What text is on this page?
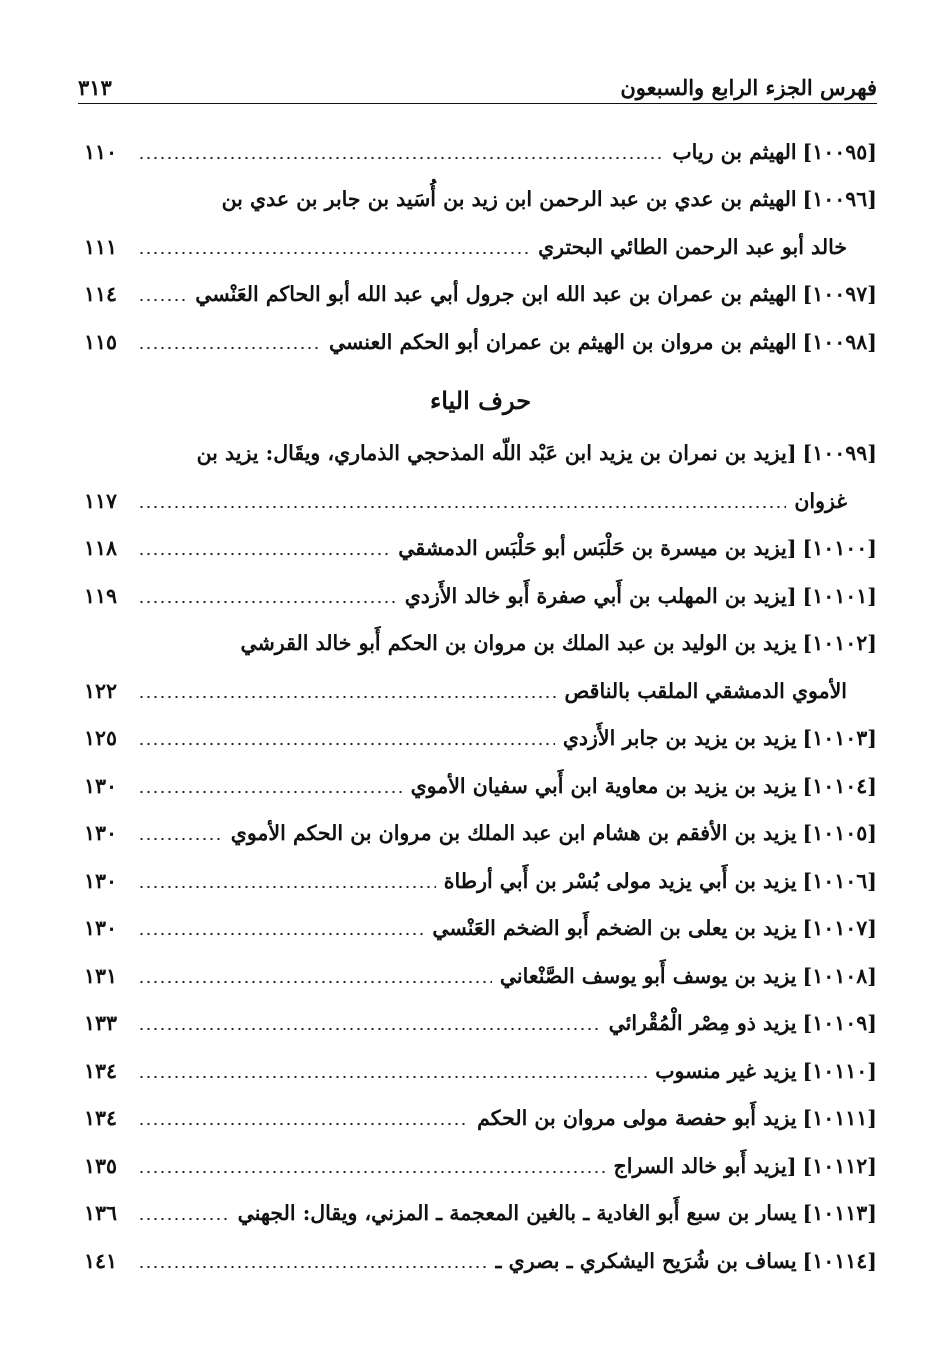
فهرس الجزء الرابع والسبعون
٣١٣
[١٠٠٩٥]
الهيثم بن رياب
١١٠
[١٠٠٩٦]
الهيثم بن عدي بن عبد الرحمن ابن زيد بن أُسَيد بن جابر بن عدي بن
خالد أبو عبد الرحمن الطائي البحتري
١١١
[١٠٠٩٧]
الهيثم بن عمران بن عبد الله ابن جرول أبي عبد الله أبو الحاكم العَنْسي
١١٤
[١٠٠٩٨]
الهيثم بن مروان بن الهيثم بن عمران أبو الحكم العنسي
١١٥
حرف الياء
[١٠٠٩٩]
[يزيد بن نمران بن يزيد ابن عَبْد اللّه المذحجي الذماري، ويقَال: يزيد بن
غزوان
١١٧
[١٠١٠٠]
[يزيد بن ميسرة بن حَلْبَس أبو حَلْبَس الدمشقي
١١٨
[١٠١٠١]
[يزيد بن المهلب بن أَبي صفرة أَبو خالد الأَزدي
١١٩
[١٠١٠٢]
يزيد بن الوليد بن عبد الملك بن مروان بن الحكم أَبو خالد القرشي
الأموي الدمشقي الملقب بالناقص
١٢٢
[١٠١٠٣]
يزيد بن يزيد بن جابر الأَزدي
١٢٥
[١٠١٠٤]
يزيد بن يزيد بن معاوية ابن أَبي سفيان الأموي
١٣٠
[١٠١٠٥]
يزيد بن الأفقم بن هشام ابن عبد الملك بن مروان بن الحكم الأموي
١٣٠
[١٠١٠٦]
يزيد بن أَبي يزيد مولى بُسْر بن أَبي أرطاة
١٣٠
[١٠١٠٧]
يزيد بن يعلى بن الضخم أَبو الضخم العَنْسي
١٣٠
[١٠١٠٨]
يزيد بن يوسف أَبو يوسف الصَّنْعاني
١٣١
[١٠١٠٩]
يزيد ذو مِصْر الْمُقْرائي
١٣٣
[١٠١١٠]
يزيد غير منسوب
١٣٤
[١٠١١١]
يزيد أَبو حفصة مولى مروان بن الحكم
١٣٤
[١٠١١٢]
[يزيد أَبو خالد السراج
١٣٥
[١٠١١٣]
يسار بن سبع أَبو الغادية ـ بالغين المعجمة ـ المزني، ويقال: الجهني
١٣٦
[١٠١١٤]
يساف بن شُرَيح اليشكري ـ بصري ـ
١٤١
